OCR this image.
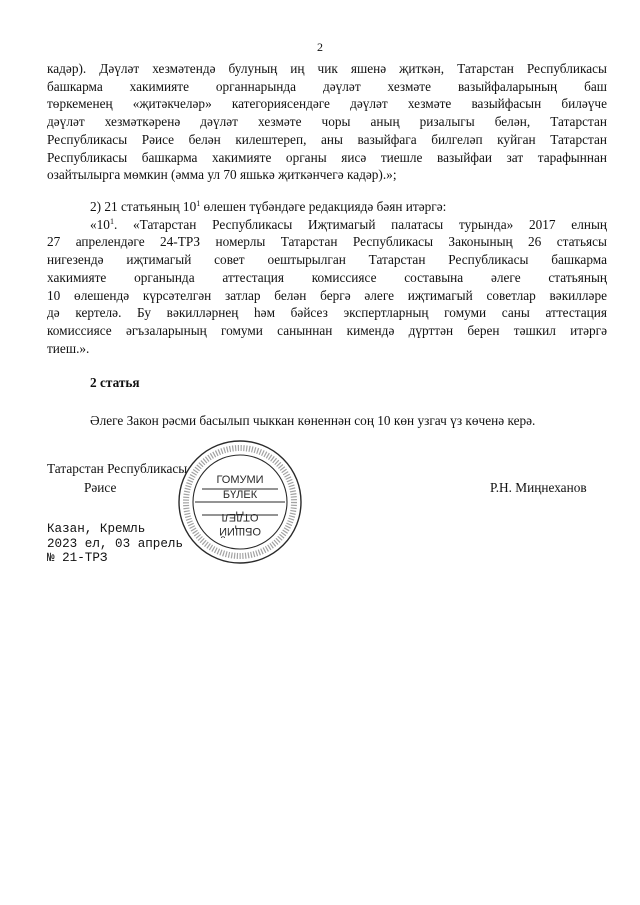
2
кадәр). Дәүләт хезмәтендә булуның иң чик яшенә җиткән, Татарстан Республикасы
башкарма хакимияте органнарында дәүләт хезмәте вазыйфаларының баш
төркеменең «җитәкчеләр» категориясендәге дәүләт хезмәте вазыйфасын биләүче
дәүләт хезмәткәренә дәүләт хезмәте чоры аның ризалыгы белән, Татарстан
Республикасы Рәисе белән килештереп, аны вазыйфага билгеләп куйган Татарстан
Республикасы башкарма хакимияте органы яисә тиешле вазыйфаи зат тарафыннан
озайтылырга мөмкин (әмма ул 70 яшькә җиткәнчегә кадәр).»;
2) 21 статьяның $10^1$ өлешен түбәндәге редакциядә бәян итәргә:
«$10^1$. «Татарстан Республикасы Иҗтимагый палатасы турында» 2017 елның
27 апрелендәге 24-ТРЗ номерлы Татарстан Республикасы Законының 26 статьясы
нигезендә иҗтимагый совет оештырылган Татарстан Республикасы башкарма
хакимияте органында аттестация комиссиясе составына әлеге статьяның
10 өлешендә күрсәтелгән затлар белән бергә әлеге иҗтимагый советлар вәкилләре
дә кертелә. Бу вәкилләрнең һәм бәйсез экспертларның гомуми саны аттестация
комиссиясе әгъзаларының гомуми саныннан кимендә дүрттән берен тәшкил итәргә
тиеш.».
2 статья
Әлеге Закон рәсми басылып чыккан көненнән соң 10 көн узгач үз көченә керә.
Татарстан Республикасы
Рәисе	Р.Н. Миңнеханов
ГОМУМИ
БҮЛЕК
ОТДЕЛ
ОБЩИЙ
Казан, Кремль
2023 ел, 03 апрель
№ 21-ТРЗ
